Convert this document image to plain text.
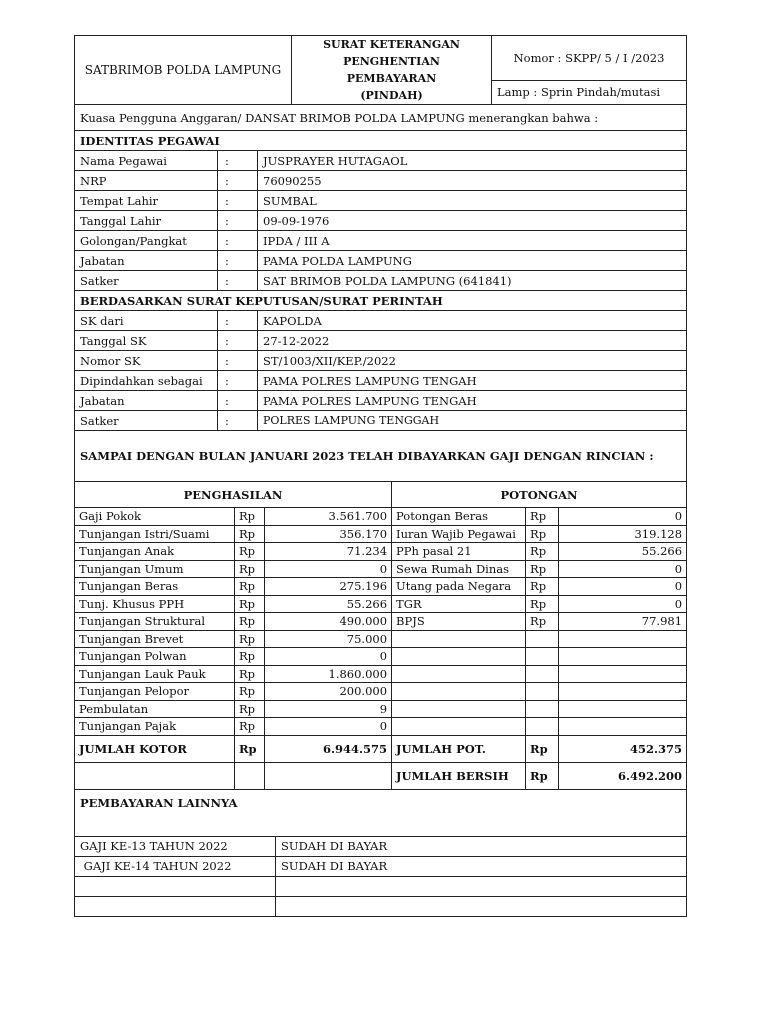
SATBRIMOB POLDA LAMPUNG	
SURAT KETERANGAN
PENGHENTIAN PEMBAYARAN
(PINDAH)
	Nomor : SKPP/ 5 / I /2023
Lamp : Sprin Pindah/mutasi
Kuasa Pengguna Anggaran/ DANSAT BRIMOB POLDA LAMPUNG menerangkan bahwa :		
IDENTITAS PEGAWAI		
Nama Pegawai	:	JUSPRAYER HUTAGAOL
NRP	:	76090255
Tempat Lahir	:	SUMBAL
Tanggal Lahir	:	09-09-1976
Golongan/Pangkat	:	IPDA / III A
Jabatan	:	PAMA POLDA LAMPUNG
Satker	:	SAT BRIMOB POLDA LAMPUNG (641841)
BERDASARKAN SURAT KEPUTUSAN/SURAT PERINTAH		
SK dari	:	KAPOLDA
Tanggal SK	:	27-12-2022
Nomor SK	:	ST/1003/XII/KEP./2022
Dipindahkan sebagai	:	PAMA POLRES LAMPUNG TENGAH
Jabatan	:	PAMA POLRES LAMPUNG TENGAH
Satker	:	POLRES LAMPUNG TENGGAH
SAMPAI DENGAN BULAN JANUARI 2023 TELAH DIBAYARKAN GAJI DENGAN RINCIAN :		
PENGHASILAN			POTONGAN		
Gaji Pokok	Rp	3.561.700	Potongan Beras	Rp	0
Tunjangan Istri/Suami	Rp	356.170	Iuran Wajib Pegawai	Rp	319.128
Tunjangan Anak	Rp	71.234	PPh pasal 21	Rp	55.266
Tunjangan Umum	Rp	0	Sewa Rumah Dinas	Rp	0
Tunjangan Beras	Rp	275.196	Utang pada Negara	Rp	0
Tunj. Khusus PPH	Rp	55.266	TGR	Rp	0
Tunjangan Struktural	Rp	490.000	BPJS	Rp	77.981
Tunjangan Brevet	Rp	75.000			
Tunjangan Polwan	Rp	0			
Tunjangan Lauk Pauk	Rp	1.860.000			
Tunjangan Pelopor	Rp	200.000			
Pembulatan	Rp	9			
Tunjangan Pajak	Rp	0			
JUMLAH KOTOR	Rp	6.944.575	JUMLAH POT.	Rp	452.375
			JUMLAH BERSIH	Rp	6.492.200
PEMBAYARAN LAINNYA	
GAJI KE-13 TAHUN 2022	SUDAH DI BAYAR
GAJI KE-14 TAHUN 2022	SUDAH DI BAYAR
